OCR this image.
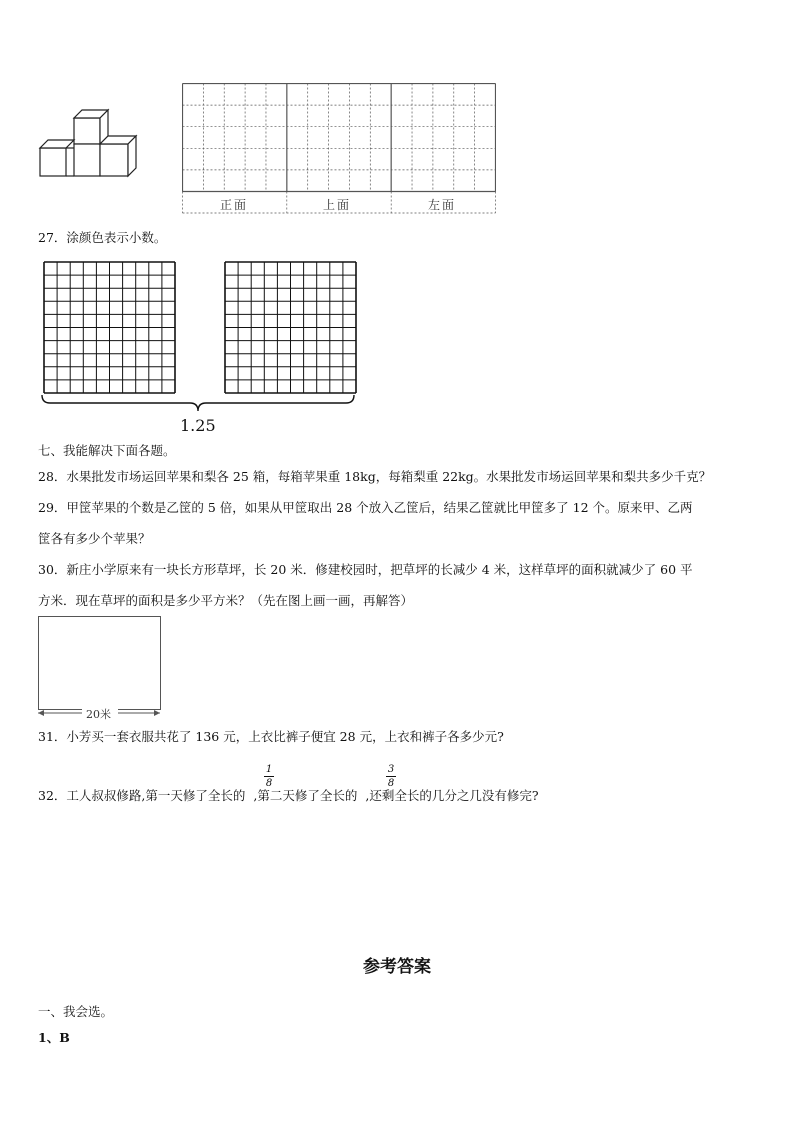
正面	上面	左面
27．涂颜色表示小数。
1.25
七、我能解决下面各题。
28．水果批发市场运回苹果和梨各 25 箱，每箱苹果重 18kg，每箱梨重 22kg。水果批发市场运回苹果和梨共多少千克？
29．甲筐苹果的个数是乙筐的 5 倍，如果从甲筐取出 28 个放入乙筐后，结果乙筐就比甲筐多了 12 个。原来甲、乙两
筐各有多少个苹果？
30．新庄小学原来有一块长方形草坪，长 20 米．修建校园时，把草坪的长减少 4 米，这样草坪的面积就减少了 60 平
方米．现在草坪的面积是多少平方米？（先在图上画一画，再解答）
20米
31．小芳买一套衣服共花了 136 元，上衣比裤子便宜 28 元，上衣和裤子各多少元?
32．工人叔叔修路,第一天修了全长的 ,第二天修了全长的 ,还剩全长的几分之几没有修完?
1
8
3
8
参考答案
一、我会选。
1、B
